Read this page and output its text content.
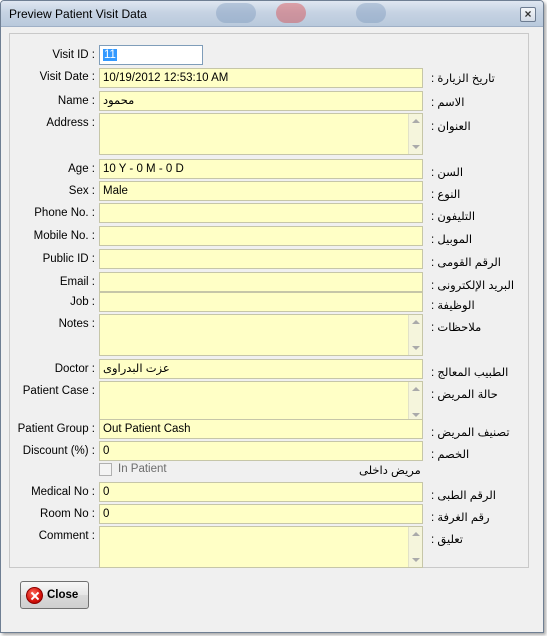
Preview Patient Visit Data	×
Visit ID : 11
Visit Date : 10/19/2012 12:53:10 AM	تاريخ الزيارة :
Name : محمود	الاسم :
Address :	العنوان :
Age : 10 Y - 0 M - 0 D	السن :
Sex : Male	النوع :
Phone No. :	التليفون :
Mobile No. :	الموبيل :
Public ID :	الرقم القومى :
Email :	البريد الإلكترونى :
Job :	الوظيفة :
Notes :	ملاحظات :
Doctor : عزت البدراوى	الطبيب المعالج :
Patient Case :	حالة المريض :
Patient Group : Out Patient Cash	تصنيف المريض :
Discount (%) : 0	الخصم :
In Patient	مريض داخلى
Medical No : 0	الرقم الطبى :
Room No : 0	رقم الغرفة :
Comment :	تعليق :
Close
